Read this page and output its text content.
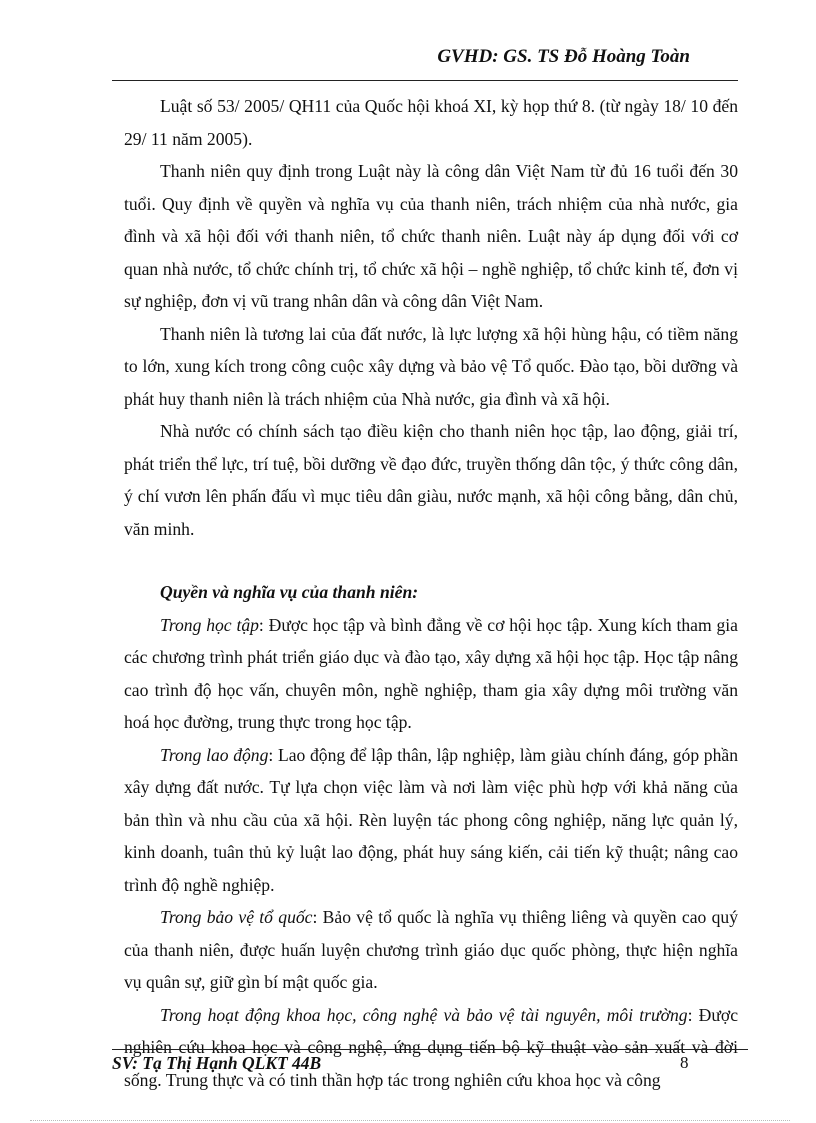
GVHD: GS. TS Đỗ Hoàng Toàn

Luật số 53/ 2005/ QH11 của Quốc hội khoá XI, kỳ họp thứ 8. (từ ngày 18/ 10 đến 29/ 11 năm 2005).

Thanh niên quy định trong Luật này là công dân Việt Nam từ đủ 16 tuổi đến 30 tuổi. Quy định về quyền và nghĩa vụ của thanh niên, trách nhiệm của nhà nước, gia đình và xã hội đối với thanh niên, tổ chức thanh niên. Luật này áp dụng đối với cơ quan nhà nước, tổ chức chính trị, tổ chức xã hội – nghề nghiệp, tổ chức kinh tế, đơn vị sự nghiệp, đơn vị vũ trang nhân dân và công dân Việt Nam.

Thanh niên là tương lai của đất nước, là lực lượng xã hội hùng hậu, có tiềm năng to lớn, xung kích trong công cuộc xây dựng và bảo vệ Tổ quốc. Đào tạo, bồi dưỡng và phát huy thanh niên là trách nhiệm của Nhà nước, gia đình và xã hội.

Nhà nước có chính sách tạo điều kiện cho thanh niên học tập, lao động, giải trí, phát triển thể lực, trí tuệ, bồi dưỡng về đạo đức, truyền thống dân tộc, ý thức công dân, ý chí vươn lên phấn đấu vì mục tiêu dân giàu, nước mạnh, xã hội công bằng, dân chủ, văn minh.

Quyền và nghĩa vụ của thanh niên:

Trong học tập: Được học tập và bình đẳng về cơ hội học tập. Xung kích tham gia các chương trình phát triển giáo dục và đào tạo, xây dựng xã hội học tập. Học tập nâng cao trình độ học vấn, chuyên môn, nghề nghiệp, tham gia xây dựng môi trường văn hoá học đường, trung thực trong học tập.

Trong lao động: Lao động để lập thân, lập nghiệp, làm giàu chính đáng, góp phần xây dựng đất nước. Tự lựa chọn việc làm và nơi làm việc phù hợp với khả năng của bản thìn và nhu cầu của xã hội. Rèn luyện tác phong công nghiệp, năng lực quản lý, kinh doanh, tuân thủ kỷ luật lao động, phát huy sáng kiến, cải tiến kỹ thuật; nâng cao trình độ nghề nghiệp.

Trong bảo vệ tổ quốc: Bảo vệ tổ quốc là nghĩa vụ thiêng liêng và quyền cao quý của thanh niên, được huấn luyện chương trình giáo dục quốc phòng, thực hiện nghĩa vụ quân sự, giữ gìn bí mật quốc gia.

Trong hoạt động khoa học, công nghệ và bảo vệ tài nguyên, môi trường: Được nghiên cứu khoa học và công nghệ, ứng dụng tiến bộ kỹ thuật vào sản xuất và đời sống. Trung thực và có tinh thần hợp tác trong nghiên cứu khoa học và công

SV: Tạ Thị Hạnh QLKT 44B	8
